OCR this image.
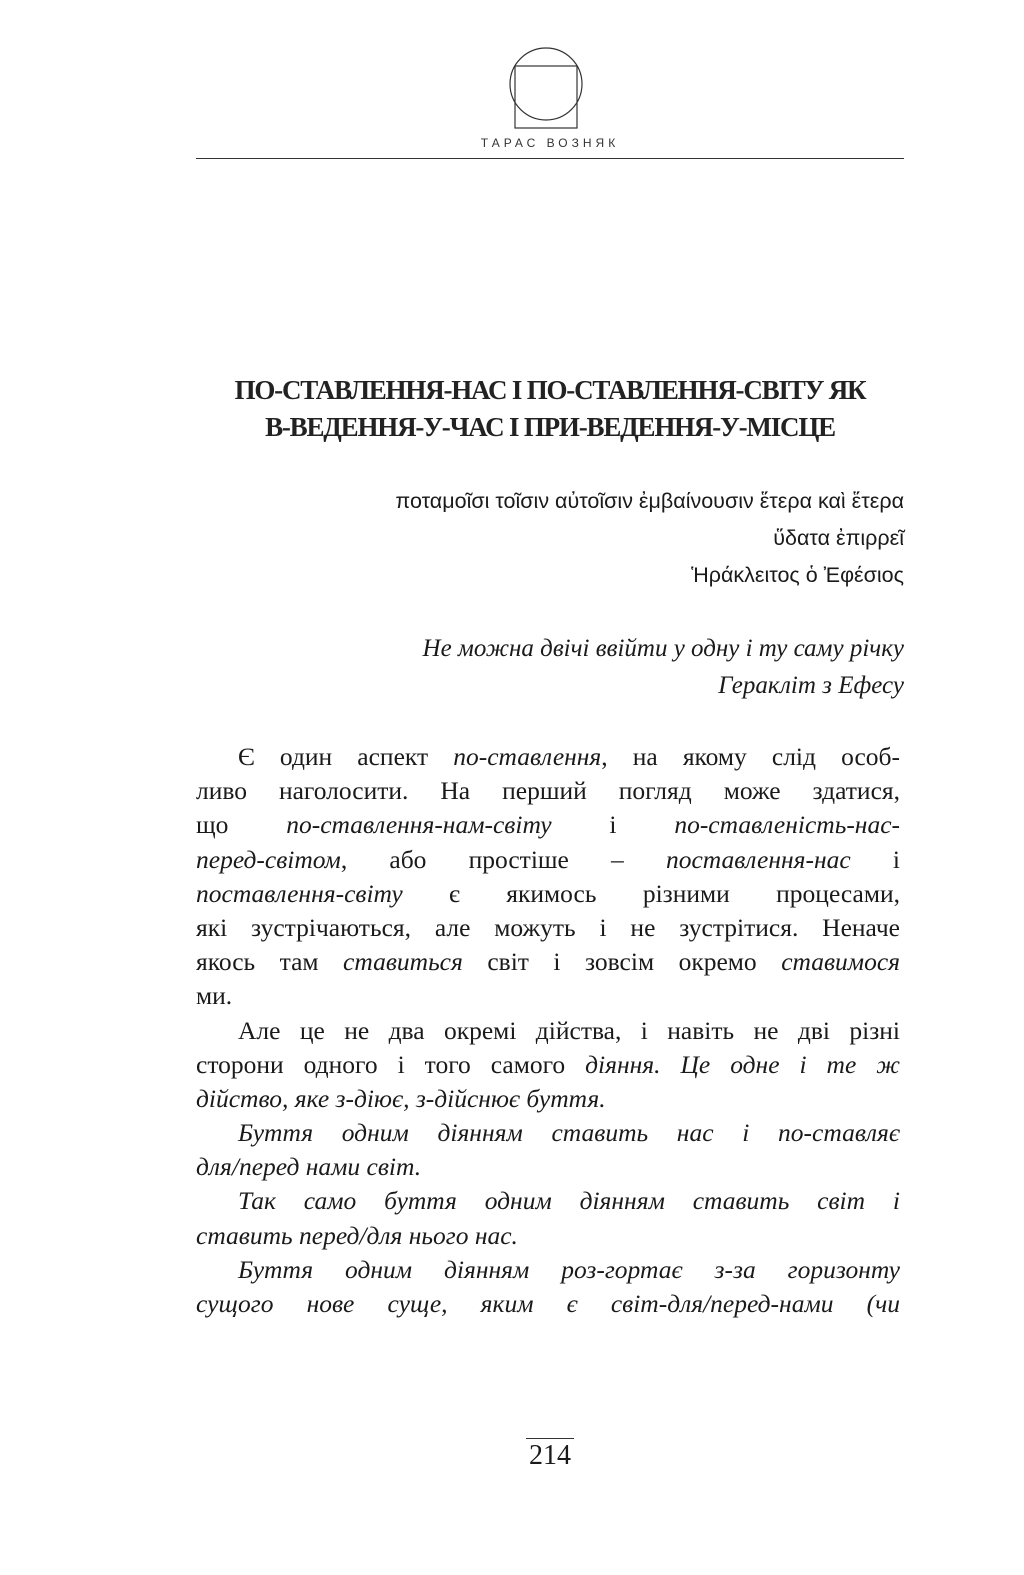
ТАРАС ВОЗНЯК
ПО-СТАВЛЕННЯ-НАС І ПО-СТАВЛЕННЯ-СВІТУ ЯК
В-ВЕДЕННЯ-У-ЧАС І ПРИ-ВЕДЕННЯ-У-МІСЦЕ
ποταμοῖσι τοῖσιν αὐτοῖσιν ἐμβαίνουσιν ἕτερα καὶ ἕτερα
ὕδατα ἐπιρρεῖ
Ἡράκλειτος ὁ Ἐφέσιος
Не можна двічі ввійти у одну і ту саму річку
Геракліт з Ефесу
Є один аспект по-ставлення, на якому слід особ-
ливо наголосити. На перший погляд може здатися,
що по-ставлення-нам-світу і по-ставленість-нас-
перед-світом, або простіше – поставлення-нас і
поставлення-світу є якимось різними процесами,
які зустрічаються, але можуть і не зустрітися. Неначе
якось там ставиться світ і зовсім окремо ставимося
ми.
Але це не два окремі дійства, і навіть не дві різні
сторони одного і того самого діяння. Це одне і те ж
дійство, яке з-діює, з-дійснює буття.
Буття одним діянням ставить нас і по-ставляє
для/перед нами світ.
Так само буття одним діянням ставить світ і
ставить перед/для нього нас.
Буття одним діянням роз-гортає з-за горизонту
сущого нове суще, яким є світ-для/перед-нами (чи
214
